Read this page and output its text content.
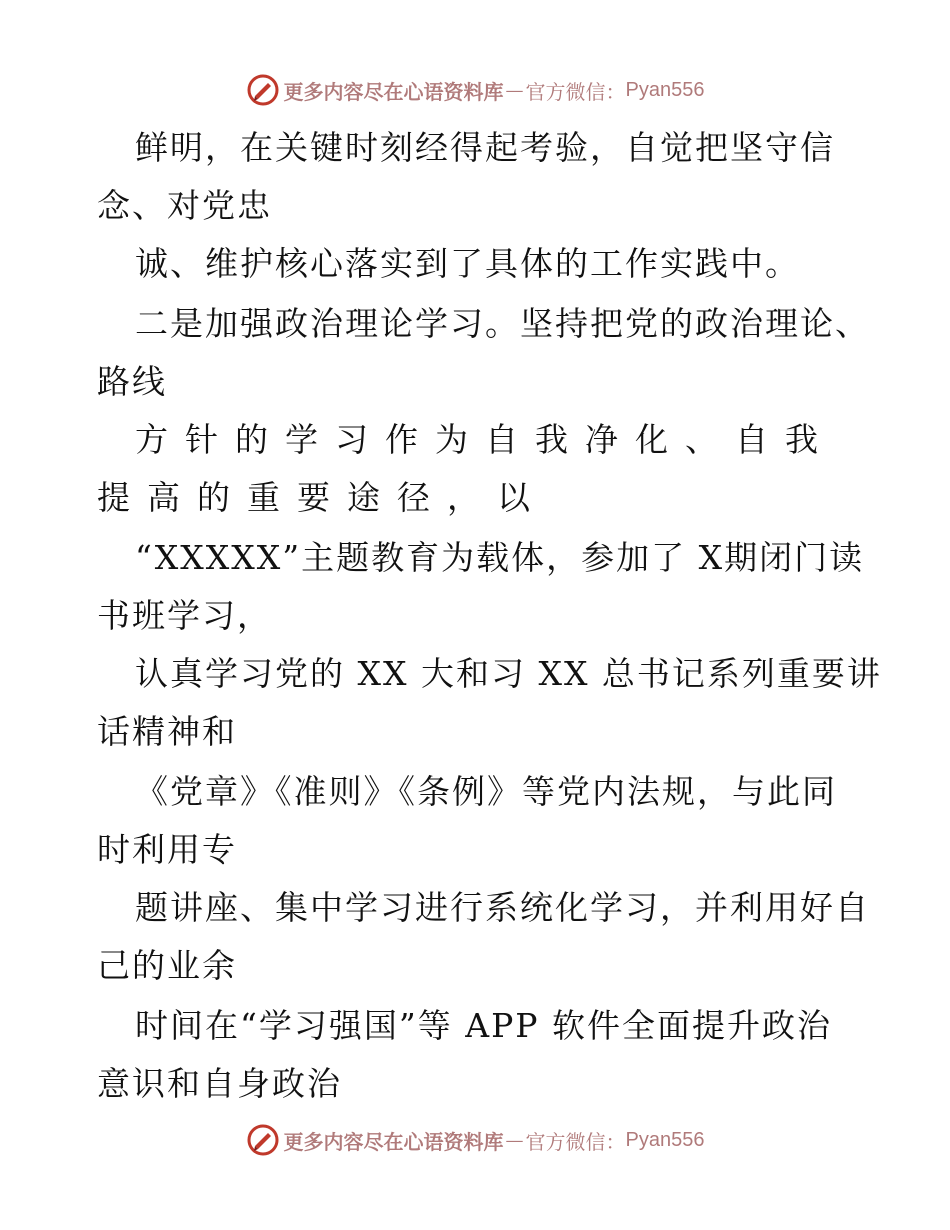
更多内容尽在心语资料库 — 官方微信： Pyan556
鲜明，在关键时刻经得起考验，自觉把坚守信
念、对党忠
诚、维护核心落实到了具体的工作实践中。
二是加强政治理论学习。坚持把党的政治理论、
路线
方针的学习作为自我净化、自我
提高的重要途径，以
“XXXXX”主题教育为载体，参加了 X期闭门读
书班学习，
认真学习党的 XX 大和习 XX 总书记系列重要讲
话精神和
《党章》《准则》《条例》等党内法规，与此同
时利用专
题讲座、集中学习进行系统化学习，并利用好自
己的业余
时间在“学习强国”等 APP 软件全面提升政治
意识和自身政治
更多内容尽在心语资料库 — 官方微信： Pyan556
